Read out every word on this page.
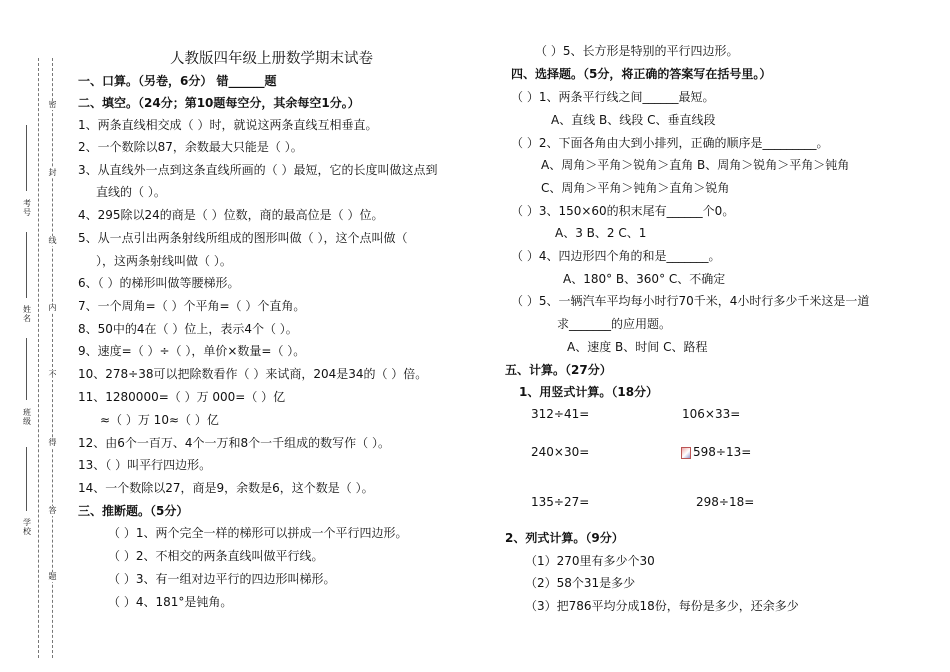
密
封
线
内
不
得
答
题
考号
姓名
班级
学校
人教版四年级上册数学期末试卷
一、口算。（另卷，6分） 错______题
二、填空。（24分；第10题每空分，其余每空1分。）
1、两条直线相交成（ ）时，就说这两条直线互相垂直。
2、一个数除以87，余数最大只能是（ ）。
3、从直线外一点到这条直线所画的（ ）最短，它的长度叫做这点到
直线的（ ）。
4、295除以24的商是（ ）位数，商的最高位是（ ）位。
5、从一点引出两条射线所组成的图形叫做（ ），这个点叫做（
），这两条射线叫做（ ）。
6、（ ）的梯形叫做等腰梯形。
7、一个周角=（ ）个平角=（ ）个直角。
8、50中的4在（ ）位上，表示4个（ ）。
9、速度=（ ）÷（ ），单价×数量=（ ）。
10、278÷38可以把除数看作（ ）来试商，204是34的（ ）倍。
11、1280000=（ ）万 000=（ ）亿
≈（ ）万 10≈（ ）亿
12、由6个一百万、4个一万和8个一千组成的数写作（ ）。
13、（ ）叫平行四边形。
14、一个数除以27，商是9，余数是6，这个数是（ ）。
三、推断题。（5分）
（ ）1、两个完全一样的梯形可以拼成一个平行四边形。
（ ）2、不相交的两条直线叫做平行线。
（ ）3、有一组对边平行的四边形叫梯形。
（ ）4、181°是钝角。
（ ）5、长方形是特别的平行四边形。
四、选择题。（5分，将正确的答案写在括号里。）
（ ）1、两条平行线之间______最短。
A、直线 B、线段 C、垂直线段
（ ）2、下面各角由大到小排列，正确的顺序是_________。
A、周角＞平角＞锐角＞直角 B、周角＞锐角＞平角＞钝角
C、周角＞平角＞钝角＞直角＞锐角
（ ）3、150×60的积末尾有______个0。
A、3 B、2 C、1
（ ）4、四边形四个角的和是_______。
A、180° B、360° C、不确定
（ ）5、一辆汽车平均每小时行70千米，4小时行多少千米这是一道
求_______的应用题。
A、速度 B、时间 C、路程
五、计算。（27分）
1、用竖式计算。（18分）
312÷41=	106×33=
240×30=	598÷13=
135÷27=	298÷18=
2、列式计算。（9分）
（1）270里有多少个30
（2）58个31是多少
（3）把786平均分成18份，每份是多少，还余多少
